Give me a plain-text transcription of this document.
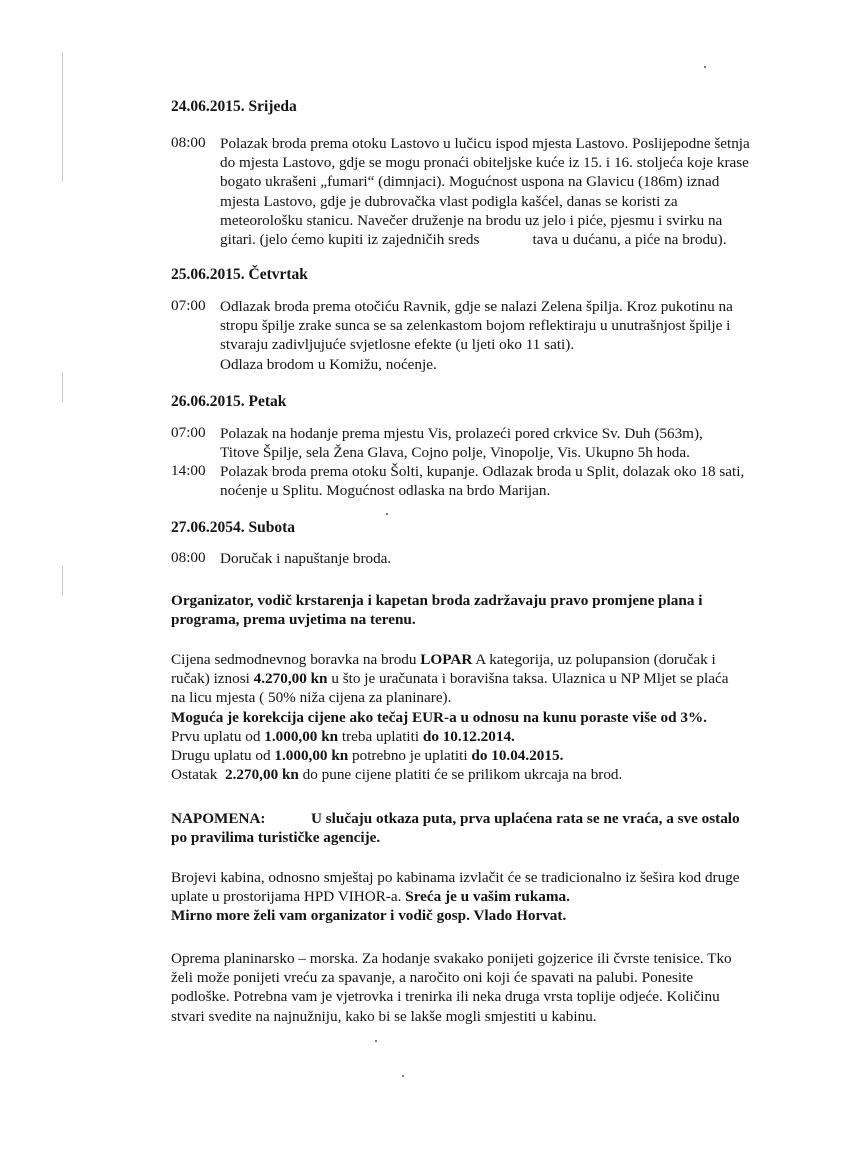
24.06.2015. Srijeda
08:00 Polazak broda prema otoku Lastovo u lučicu ispod mjesta Lastovo. Poslijepodne šetnja
do mjesta Lastovo, gdje se mogu pronaći obiteljske kuće iz 15. i 16. stoljeća koje krase
bogato ukrašeni „fumari“ (dimnjaci). Mogućnost uspona na Glavicu (186m) iznad
mjesta Lastovo, gdje je dubrovačka vlast podigla kašćel, danas se koristi za
meteorološku stanicu. Navečer druženje na brodu uz jelo i piće, pjesmu i svirku na
gitari. (jelo ćemo kupiti iz zajedničih sreds              tava u dućanu, a piće na brodu).
25.06.2015. Četvrtak
07:00 Odlazak broda prema otočiću Ravnik, gdje se nalazi Zelena špilja. Kroz pukotinu na
stropu špilje zrake sunca se sa zelenkastom bojom reflektiraju u unutrašnjost špilje i
stvaraju zadivljujuće svjetlosne efekte (u ljeti oko 11 sati).
Odlaza brodom u Komižu, noćenje.
26.06.2015. Petak
07:00 Polazak na hodanje prema mjestu Vis, prolazeći pored crkvice Sv. Duh (563m),
Titove Špilje, sela Žena Glava, Cojno polje, Vinopolje, Vis. Ukupno 5h hoda.
14:00 Polazak broda prema otoku Šolti, kupanje. Odlazak broda u Split, dolazak oko 18 sati,
noćenje u Splitu. Mogućnost odlaska na brdo Marijan.
27.06.2054. Subota
08:00 Doručak i napuštanje broda.
Organizator, vodič krstarenja i kapetan broda zadržavaju pravo promjene plana i
programa, prema uvjetima na terenu.
Cijena sedmodnevnog boravka na brodu LOPAR A kategorija, uz polupansion (doručak i
ručak) iznosi 4.270,00 kn u što je uračunata i boravišna taksa. Ulaznica u NP Mljet se plaća
na licu mjesta ( 50% niža cijena za planinare).
Moguća je korekcija cijene ako tečaj EUR-a u odnosu na kunu poraste više od 3%.
Prvu uplatu od 1.000,00 kn treba uplatiti do 10.12.2014.
Drugu uplatu od 1.000,00 kn potrebno je uplatiti do 10.04.2015.
Ostatak  2.270,00 kn do pune cijene platiti će se prilikom ukrcaja na brod.
NAPOMENA:	U slučaju otkaza puta, prva uplaćena rata se ne vraća, a sve ostalo
po pravilima turističke agencije.
Brojevi kabina, odnosno smještaj po kabinama izvlačit će se tradicionalno iz šešira kod druge
uplate u prostorijama HPD VIHOR-a. Sreća je u vašim rukama.
Mirno more želi vam organizator i vodič gosp. Vlado Horvat.
Oprema planinarsko – morska. Za hodanje svakako ponijeti gojzerice ili čvrste tenisice. Tko
želi može ponijeti vreću za spavanje, a naročito oni koji će spavati na palubi. Ponesite
podloške. Potrebna vam je vjetrovka i trenirka ili neka druga vrsta toplije odjeće. Količinu
stvari svedite na najnužniju, kako bi se lakše mogli smjestiti u kabinu.
